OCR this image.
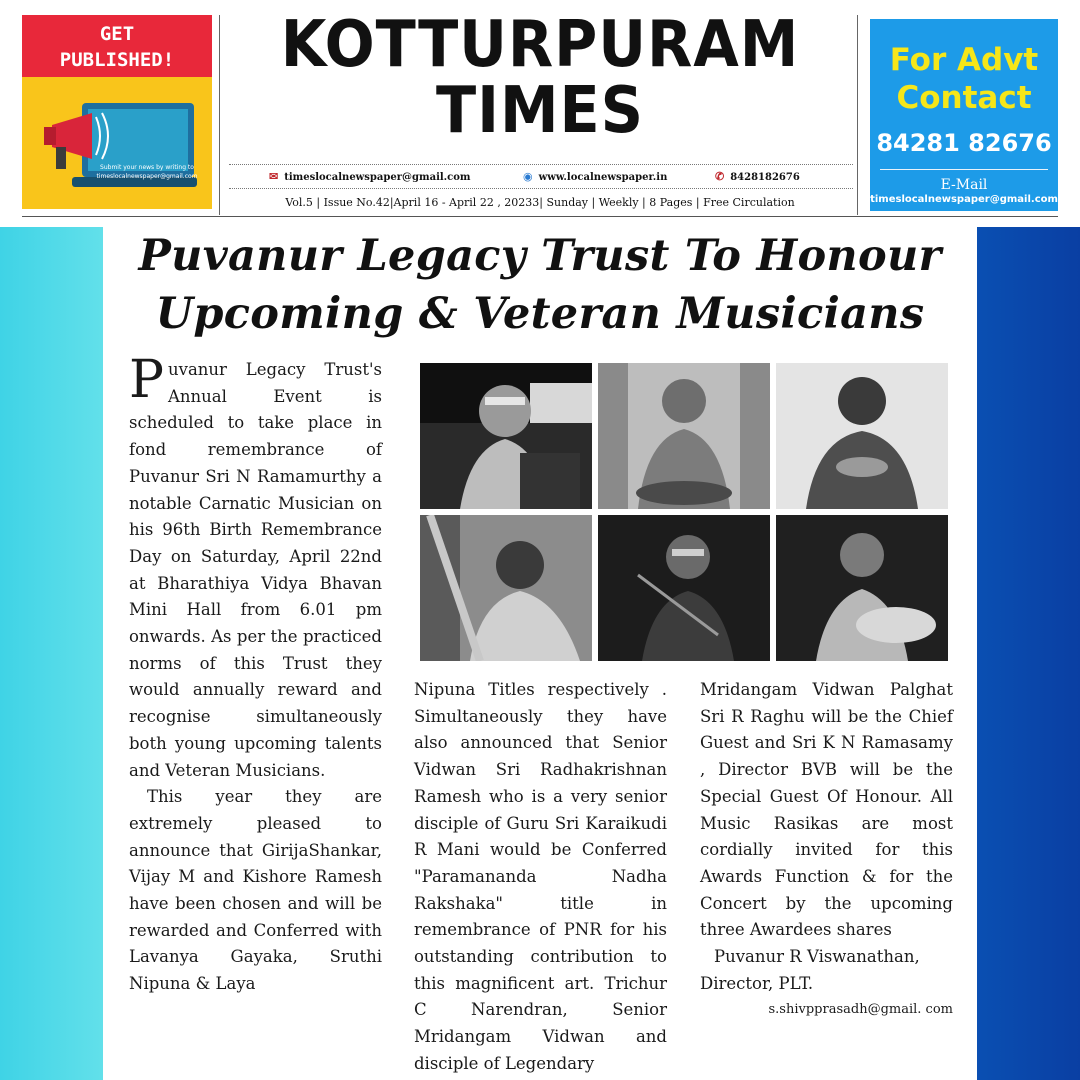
GET
PUBLISHED!
Submit your news by writing to timeslocalnewspaper@gmail.com
KOTTURPURAM
TIMES
✉ timeslocalnewspaper@gmail.com	◉ www.localnewspaper.in	✆ 8428182676
Vol.5 | Issue No.42|April 16 - April 22 , 20233| Sunday | Weekly | 8 Pages | Free Circulation
For Advt
Contact
84281 82676
E-Mail
timeslocalnewspaper@gmail.com
Puvanur Legacy Trust To Honour
Upcoming & Veteran Musicians

Puvanur Legacy Trust's Annual Event is scheduled to take place in fond remembrance of Puvanur Sri N Ramamurthy a notable Carnatic Musician on his 96th Birth Remembrance Day on Saturday, April 22nd at Bharathiya Vidya Bhavan Mini Hall from 6.01 pm onwards. As per the practiced norms of this Trust they would annually reward and recognise simultaneously both young upcoming talents and Veteran Musicians.

This year they are extremely pleased to announce that GirijaShankar, Vijay M and Kishore Ramesh have been chosen and will be rewarded and Conferred with Lavanya Gayaka, Sruthi Nipuna & Laya

Nipuna Titles respectively . Simultaneously they have also announced that Senior Vidwan Sri Radhakrishnan Ramesh who is a very senior disciple of Guru Sri Karaikudi R Mani would be Conferred "Paramananda Nadha Rakshaka" title in remembrance of PNR for his outstanding contribution to this magnificent art. Trichur C Narendran, Senior Mridangam Vidwan and disciple of Legendary

Mridangam Vidwan Palghat Sri R Raghu will be the Chief Guest and Sri K N Ramasamy , Director BVB will be the Special Guest Of Honour. All Music Rasikas are most cordially invited for this Awards Function & for the Concert by the upcoming three Awardees shares

Puvanur R Viswanathan,

Director, PLT.

s.shivpprasadh@gmail. com
